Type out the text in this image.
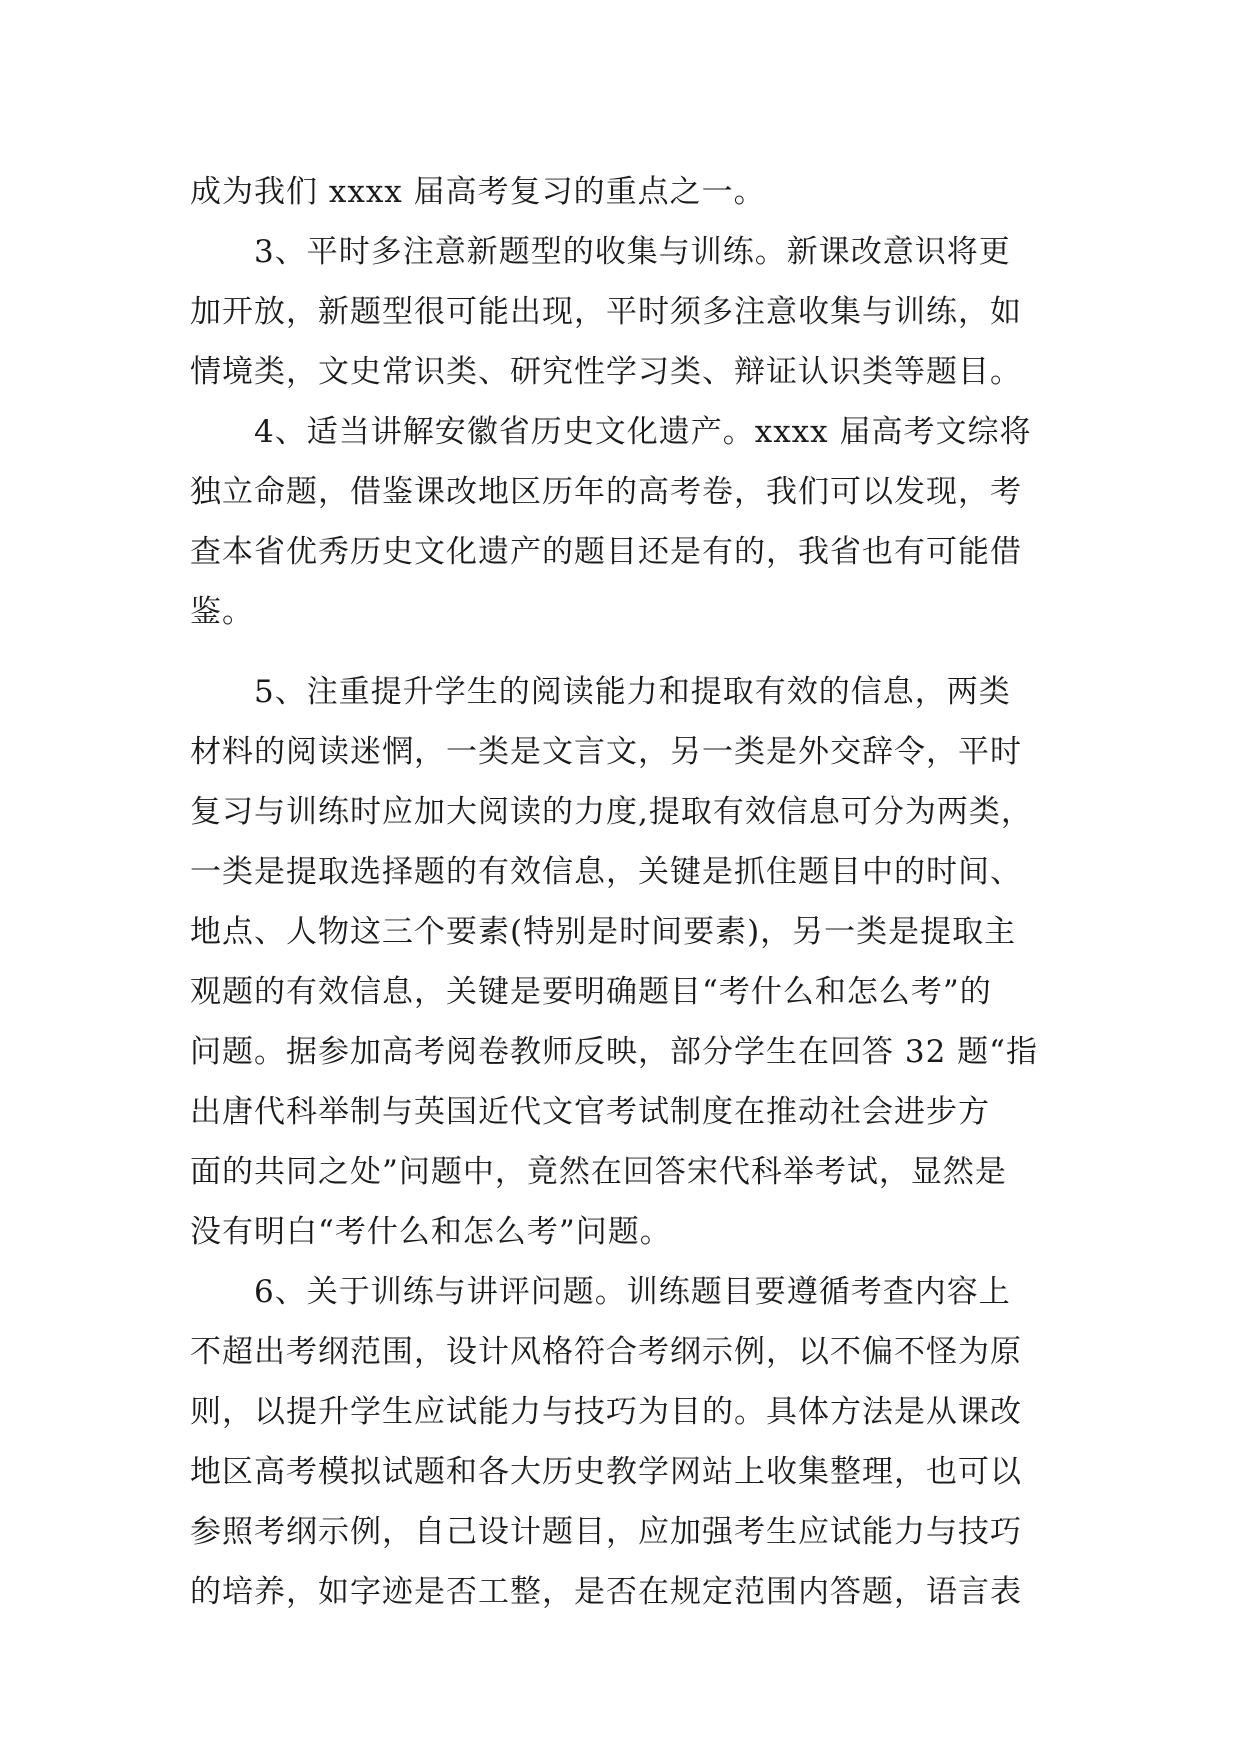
成为我们 xxxx 届高考复习的重点之一。
3、平时多注意新题型的收集与训练。新课改意识将更
加开放，新题型很可能出现，平时须多注意收集与训练，如
情境类，文史常识类、研究性学习类、辩证认识类等题目。
4、适当讲解安徽省历史文化遗产。xxxx 届高考文综将
独立命题，借鉴课改地区历年的高考卷，我们可以发现，考
查本省优秀历史文化遗产的题目还是有的，我省也有可能借
鉴。
5、注重提升学生的阅读能力和提取有效的信息，两类
材料的阅读迷惘，一类是文言文，另一类是外交辞令，平时
复习与训练时应加大阅读的力度,提取有效信息可分为两类，
一类是提取选择题的有效信息，关键是抓住题目中的时间、
地点、人物这三个要素(特别是时间要素)，另一类是提取主
观题的有效信息，关键是要明确题目“考什么和怎么考”的
问题。据参加高考阅卷教师反映，部分学生在回答 32 题“指
出唐代科举制与英国近代文官考试制度在推动社会进步方
面的共同之处”问题中，竟然在回答宋代科举考试，显然是
没有明白“考什么和怎么考”问题。
6、关于训练与讲评问题。训练题目要遵循考查内容上
不超出考纲范围，设计风格符合考纲示例，以不偏不怪为原
则，以提升学生应试能力与技巧为目的。具体方法是从课改
地区高考模拟试题和各大历史教学网站上收集整理，也可以
参照考纲示例，自己设计题目，应加强考生应试能力与技巧
的培养，如字迹是否工整，是否在规定范围内答题，语言表
